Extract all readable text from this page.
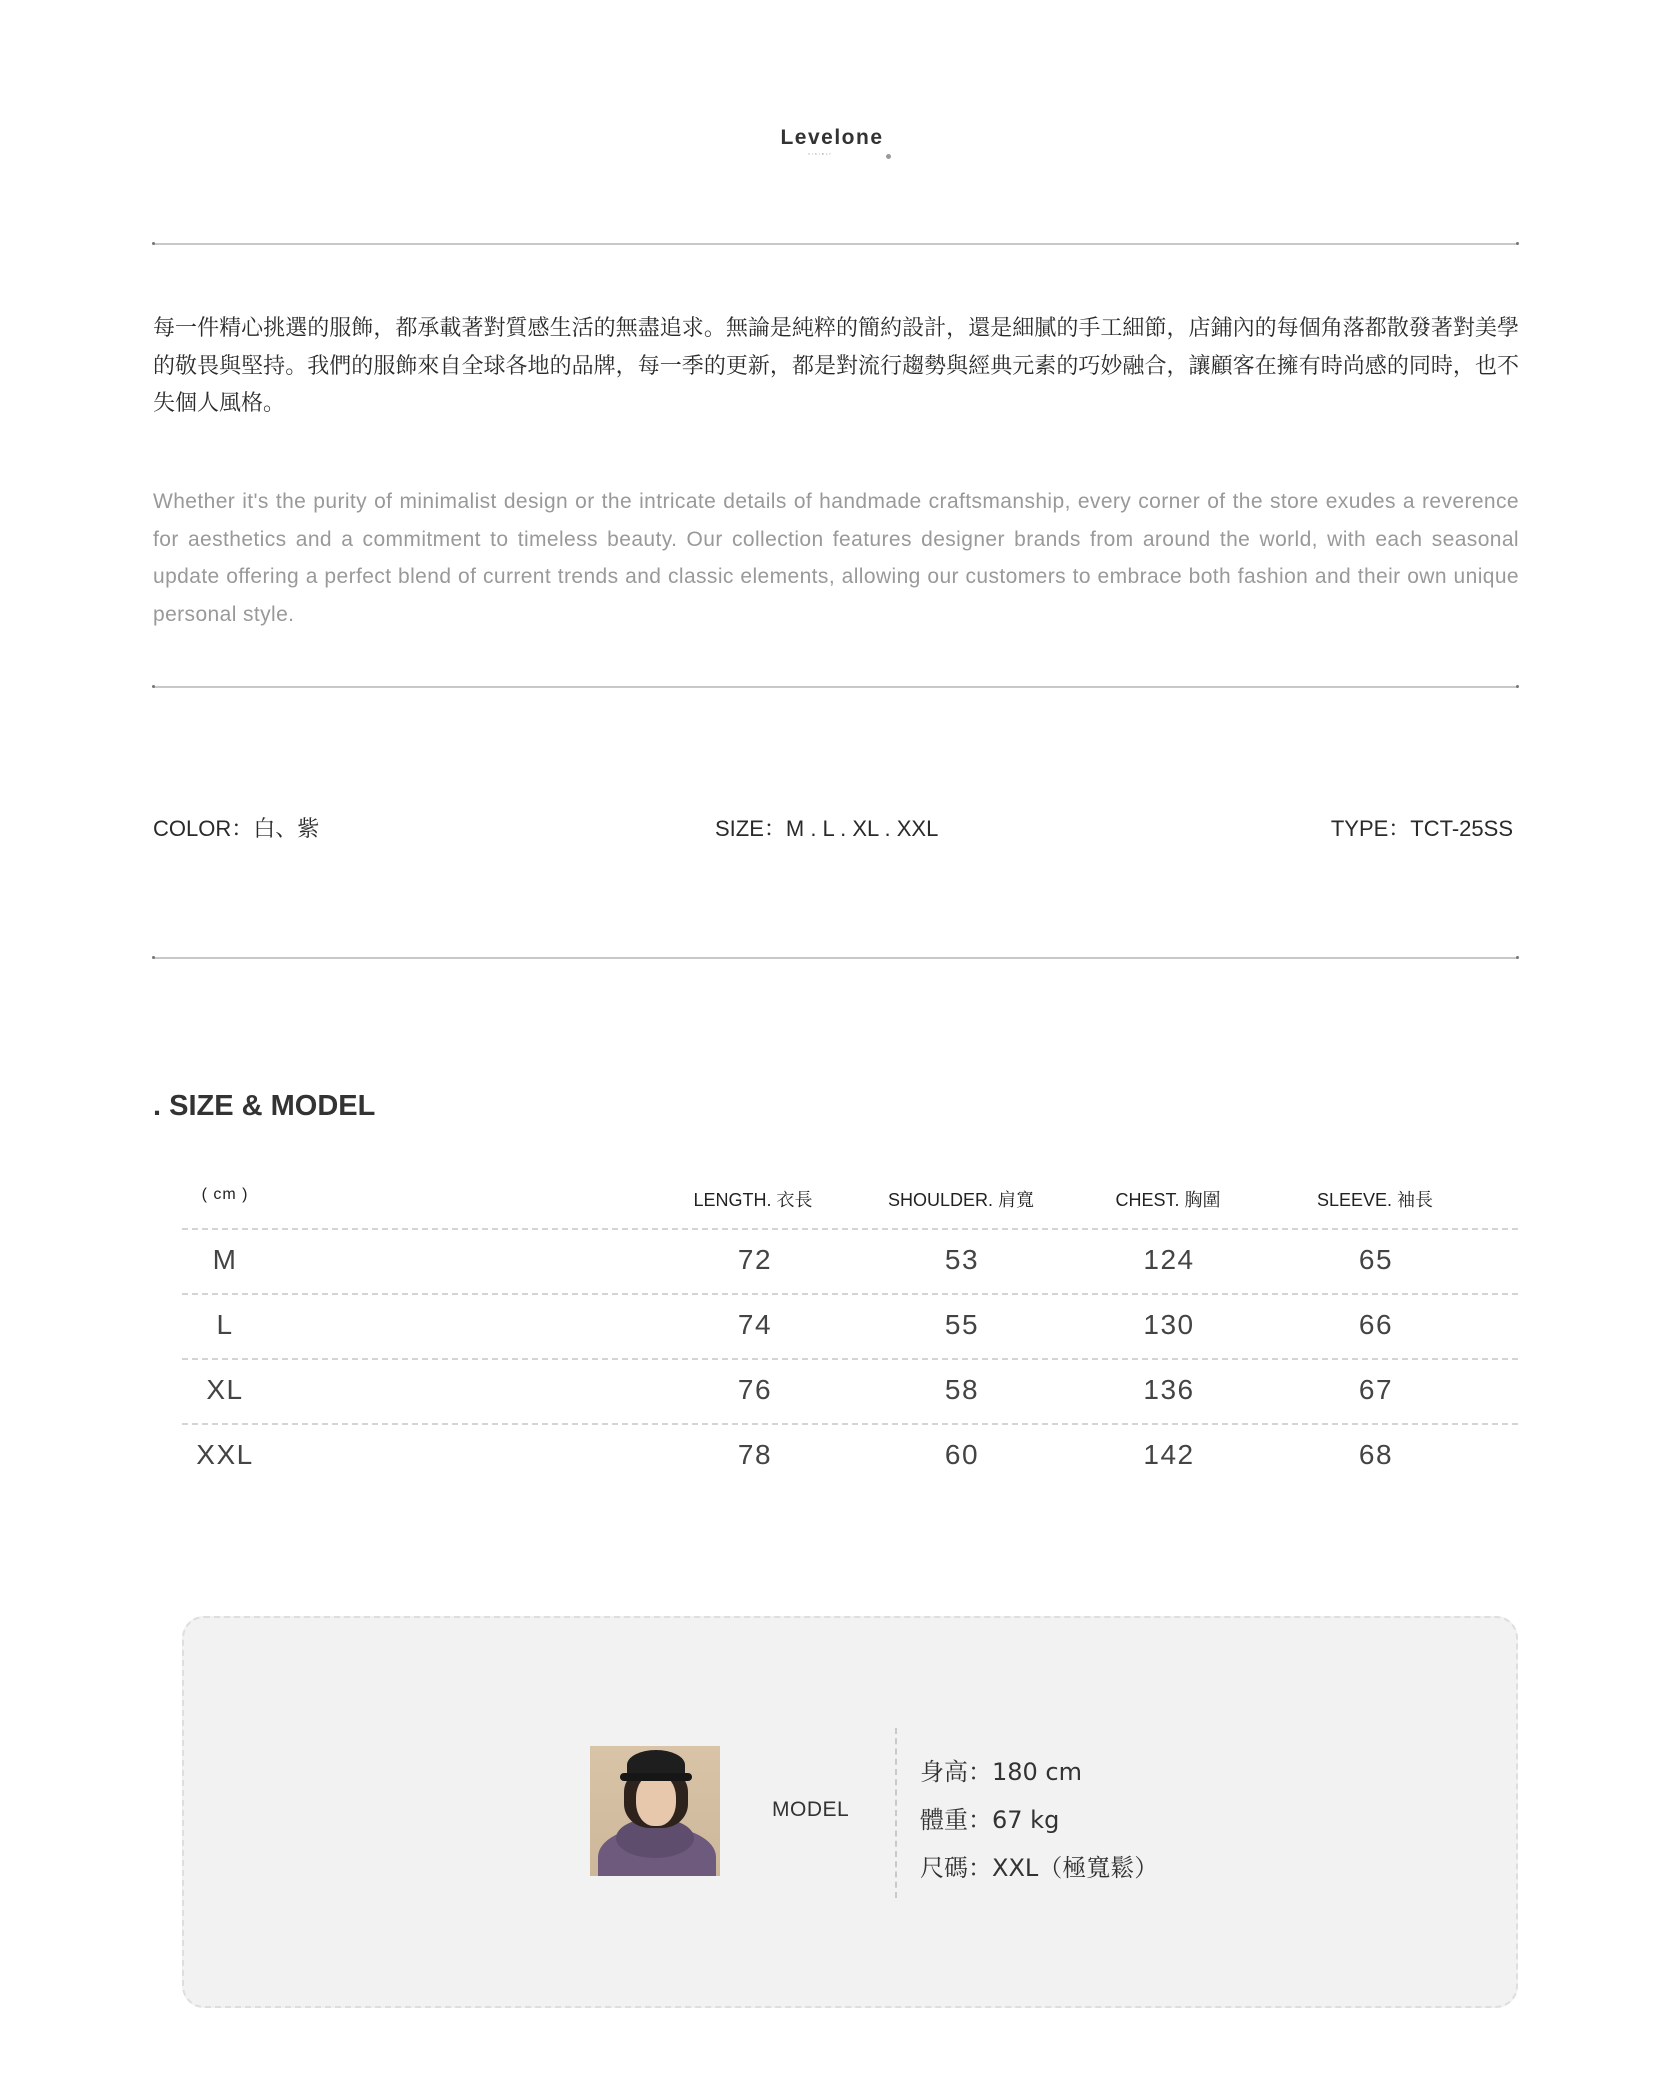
Levelone
VISIBLY

每一件精心挑選的服飾，都承載著對質感生活的無盡追求。無論是純粹的簡約設計，還是細膩的手工細節，店鋪內的每個角落都散發著對美學的敬畏與堅持。我們的服飾來自全球各地的品牌，每一季的更新，都是對流行趨勢與經典元素的巧妙融合，讓顧客在擁有時尚感的同時，也不失個人風格。

Whether it's the purity of minimalist design or the intricate details of handmade craftsmanship, every corner of the store exudes a reverence for aesthetics and a commitment to timeless beauty. Our collection features designer brands from around the world, with each seasonal update offering a perfect blend of current trends and classic elements, allowing our customers to embrace both fashion and their own unique personal style.

COLOR：白、紫	SIZE：M . L . XL . XXL	TYPE：TCT-25SS
. SIZE & MODEL
( cm )	LENGTH. 衣長	SHOULDER. 肩寬	CHEST. 胸圍	SLEEVE. 袖長
M	72	53	124	65
L	74	55	130	66
XL	76	58	136	67
XXL	78	60	142	68
MODEL
身高：180 cm
體重：67 kg
尺碼：XXL（極寬鬆）
